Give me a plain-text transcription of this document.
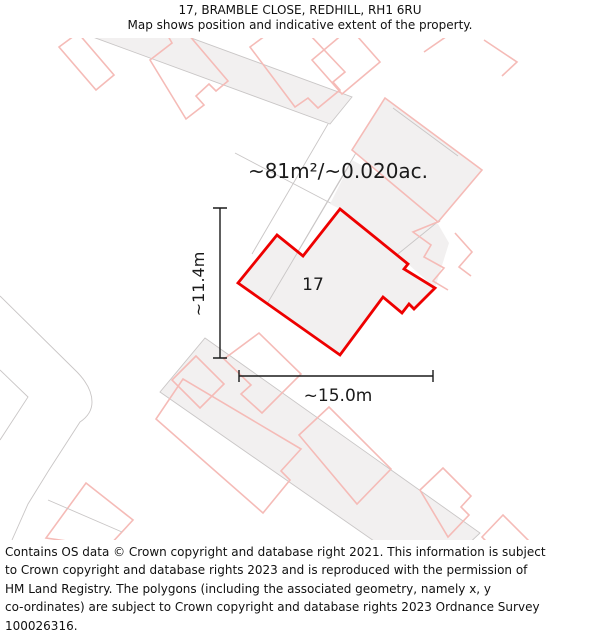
17, BRAMBLE CLOSE, REDHILL, RH1 6RU
Map shows position and indicative extent of the property.
~81m²/~0.020ac.
17
~15.0m
~11.4m
Contains OS data © Crown copyright and database right 2021. This information is subject
to Crown copyright and database rights 2023 and is reproduced with the permission of
HM Land Registry. The polygons (including the associated geometry, namely x, y
co-ordinates) are subject to Crown copyright and database rights 2023 Ordnance Survey
100026316.
